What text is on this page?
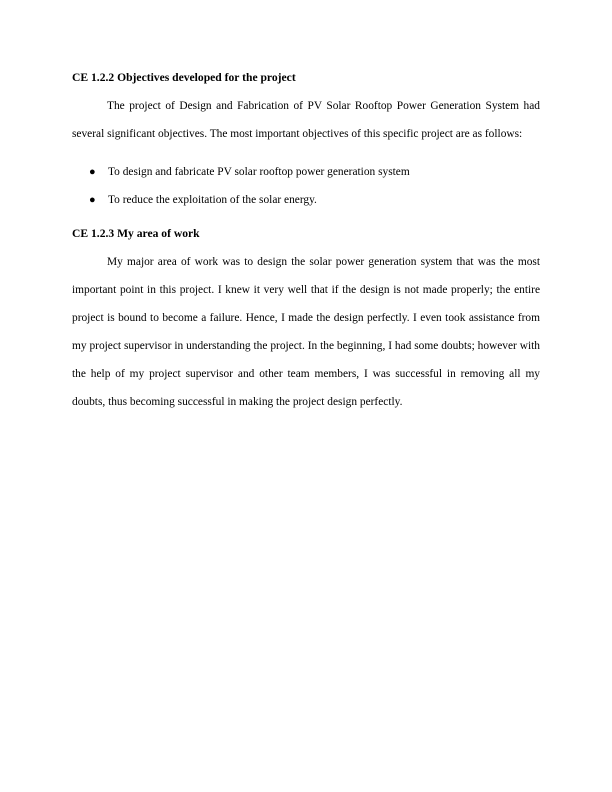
CE 1.2.2 Objectives developed for the project

The project of Design and Fabrication of PV Solar Rooftop Power Generation System had several significant objectives. The most important objectives of this specific project are as follows:

● To design and fabricate PV solar rooftop power generation system
● To reduce the exploitation of the solar energy.

CE 1.2.3 My area of work

My major area of work was to design the solar power generation system that was the most important point in this project. I knew it very well that if the design is not made properly; the entire project is bound to become a failure. Hence, I made the design perfectly. I even took assistance from my project supervisor in understanding the project. In the beginning, I had some doubts; however with the help of my project supervisor and other team members, I was successful in removing all my doubts, thus becoming successful in making the project design perfectly.
